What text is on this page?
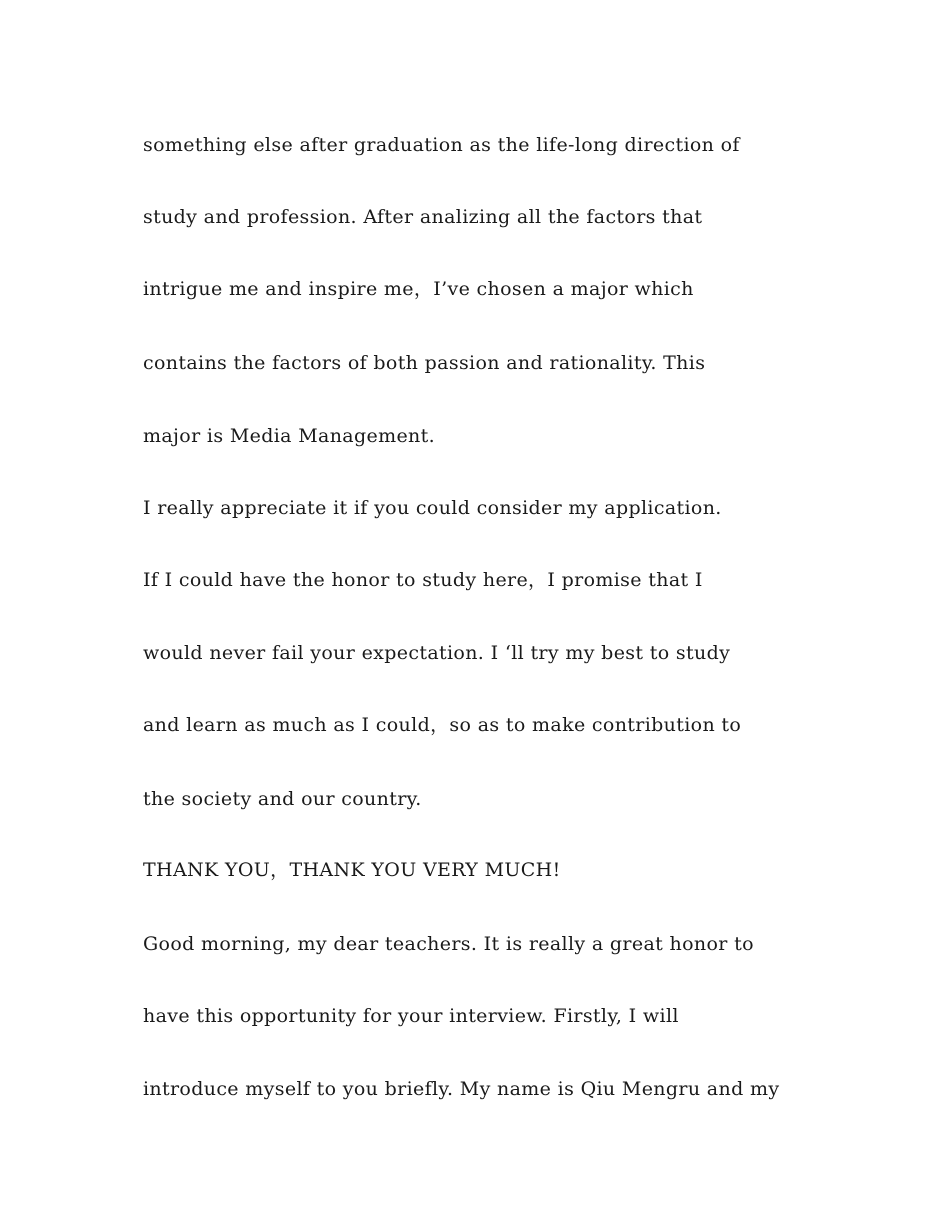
something else after graduation as the life-long direction of

study and profession. After analizing all the factors that

intrigue me and inspire me，I’ve chosen a major which

contains the factors of both passion and rationality. This

major is Media Management.

I really appreciate it if you could consider my application.

If I could have the honor to study here，I promise that I

would never fail your expectation. I ‘ll try my best to study

and learn as much as I could，so as to make contribution to

the society and our country.

THANK YOU，THANK YOU VERY MUCH!

Good morning, my dear teachers. It is really a great honor to

have this opportunity for your interview. Firstly, I will

introduce myself to you briefly. My name is Qiu Mengru and my
